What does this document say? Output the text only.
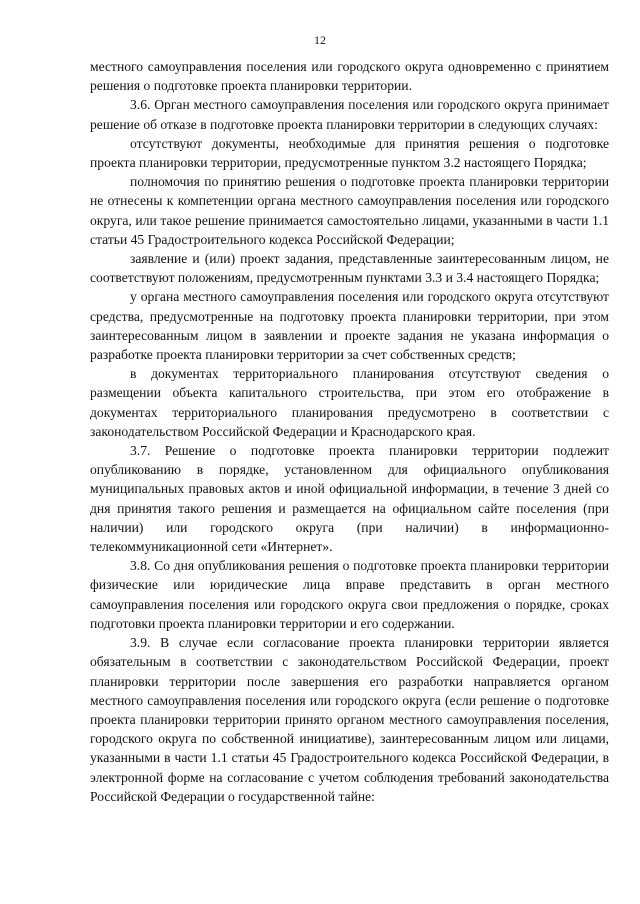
12

местного самоуправления поселения или городского округа одновременно с принятием решения о подготовке проекта планировки территории.

3.6. Орган местного самоуправления поселения или городского округа принимает решение об отказе в подготовке проекта планировки территории в следующих случаях:

отсутствуют документы, необходимые для принятия решения о подготовке проекта планировки территории, предусмотренные пунктом 3.2 настоящего Порядка;

полномочия по принятию решения о подготовке проекта планировки территории не отнесены к компетенции органа местного самоуправления поселения или городского округа, или такое решение принимается самостоятельно лицами, указанными в части 1.1 статьи 45 Градостроительного кодекса Российской Федерации;

заявление и (или) проект задания, представленные заинтересованным лицом, не соответствуют положениям, предусмотренным пунктами 3.3 и 3.4 настоящего Порядка;

у органа местного самоуправления поселения или городского округа отсутствуют средства, предусмотренные на подготовку проекта планировки территории, при этом заинтересованным лицом в заявлении и проекте задания не указана информация о разработке проекта планировки территории за счет собственных средств;

в документах территориального планирования отсутствуют сведения о размещении объекта капитального строительства, при этом его отображение в документах территориального планирования предусмотрено в соответствии с законодательством Российской Федерации и Краснодарского края.

3.7. Решение о подготовке проекта планировки территории подлежит опубликованию в порядке, установленном для официального опубликования муниципальных правовых актов и иной официальной информации, в течение 3 дней со дня принятия такого решения и размещается на официальном сайте поселения (при наличии) или городского округа (при наличии) в информационно-телекоммуникационной сети «Интернет».

3.8. Со дня опубликования решения о подготовке проекта планировки территории физические или юридические лица вправе представить в орган местного самоуправления поселения или городского округа свои предложения о порядке, сроках подготовки проекта планировки территории и его содержании.

3.9. В случае если согласование проекта планировки территории является обязательным в соответствии с законодательством Российской Федерации, проект планировки территории после завершения его разработки направляется органом местного самоуправления поселения или городского округа (если решение о подготовке проекта планировки территории принято органом местного самоуправления поселения, городского округа по собственной инициативе), заинтересованным лицом или лицами, указанными в части 1.1 статьи 45 Градостроительного кодекса Российской Федерации, в электронной форме на согласование с учетом соблюдения требований законодательства Российской Федерации о государственной тайне:
